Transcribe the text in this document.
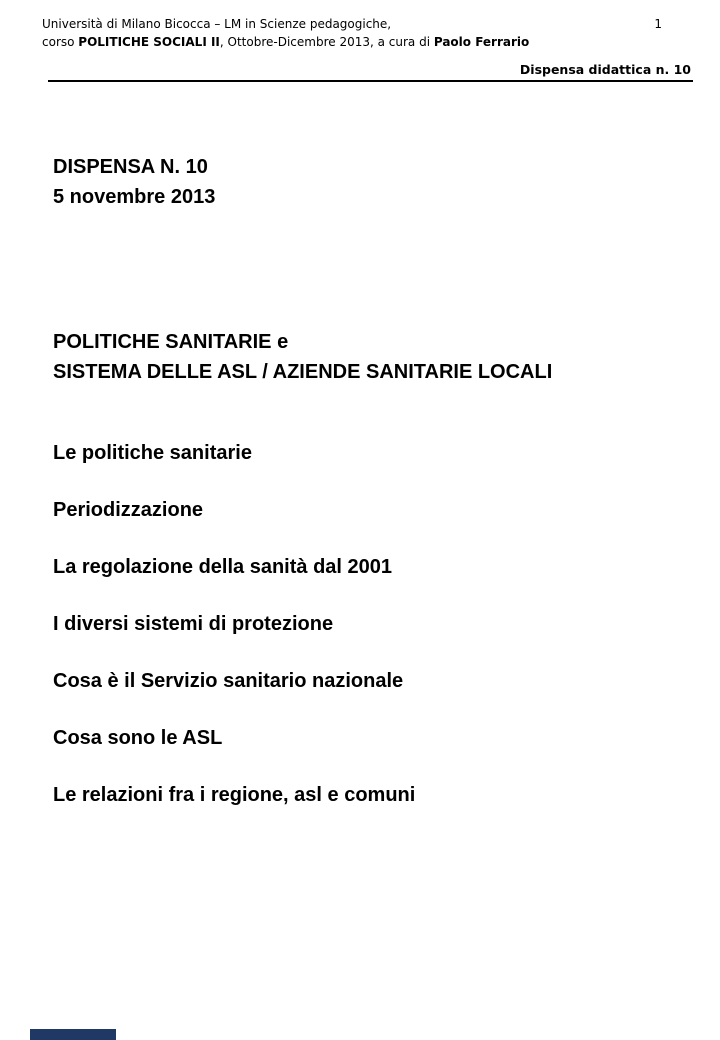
Università di Milano Bicocca – LM in Scienze pedagogiche,	1
corso POLITICHE SOCIALI II, Ottobre-Dicembre 2013, a cura di Paolo Ferrario
Dispensa didattica n. 10
DISPENSA N. 10
5 novembre 2013
POLITICHE SANITARIE e
SISTEMA DELLE ASL / AZIENDE SANITARIE LOCALI
Le politiche sanitarie
Periodizzazione
La regolazione della sanità dal 2001
I diversi sistemi di protezione
Cosa è il Servizio sanitario nazionale
Cosa sono le ASL
Le relazioni fra i regione, asl e comuni
